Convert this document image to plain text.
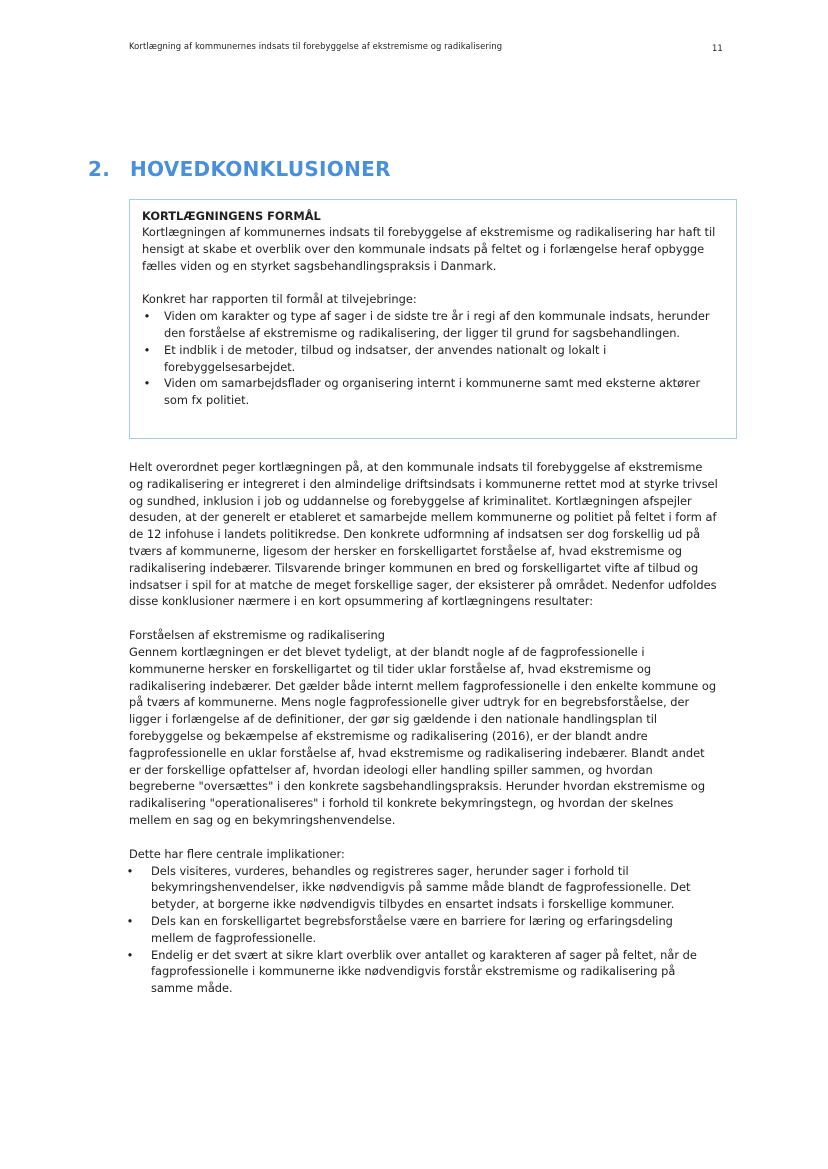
Kortlægning af kommunernes indsats til forebyggelse af ekstremisme og radikalisering	11
2. HOVEDKONKLUSIONER

KORTLÆGNINGENS FORMÅL

Kortlægningen af kommunernes indsats til forebyggelse af ekstremisme og radikalisering har haft til hensigt at skabe et overblik over den kommunale indsats på feltet og i forlængelse heraf opbygge fælles viden og en styrket sagsbehandlingspraksis i Danmark.

Konkret har rapporten til formål at tilvejebringe:

• Viden om karakter og type af sager i de sidste tre år i regi af den kommunale indsats, herunder den forståelse af ekstremisme og radikalisering, der ligger til grund for sagsbehandlingen.
• Et indblik i de metoder, tilbud og indsatser, der anvendes nationalt og lokalt i forebyggelsesarbejdet.
• Viden om samarbejdsflader og organisering internt i kommunerne samt med eksterne aktører som fx politiet.

Helt overordnet peger kortlægningen på, at den kommunale indsats til forebyggelse af ekstremisme og radikalisering er integreret i den almindelige driftsindsats i kommunerne rettet mod at styrke trivsel og sundhed, inklusion i job og uddannelse og forebyggelse af kriminalitet. Kortlægningen afspejler desuden, at der generelt er etableret et samarbejde mellem kommunerne og politiet på feltet i form af de 12 infohuse i landets politikredse. Den konkrete udformning af indsatsen ser dog forskellig ud på tværs af kommunerne, ligesom der hersker en forskelligartet forståelse af, hvad ekstremisme og radikalisering indebærer. Tilsvarende bringer kommunen en bred og forskelligartet vifte af tilbud og indsatser i spil for at matche de meget forskellige sager, der eksisterer på området. Nedenfor udfoldes disse konklusioner nærmere i en kort opsummering af kortlægningens resultater:

Forståelsen af ekstremisme og radikalisering

Gennem kortlægningen er det blevet tydeligt, at der blandt nogle af de fagprofessionelle i kommunerne hersker en forskelligartet og til tider uklar forståelse af, hvad ekstremisme og radikalisering indebærer. Det gælder både internt mellem fagprofessionelle i den enkelte kommune og på tværs af kommunerne. Mens nogle fagprofessionelle giver udtryk for en begrebsforståelse, der ligger i forlængelse af de definitioner, der gør sig gældende i den nationale handlingsplan til forebyggelse og bekæmpelse af ekstremisme og radikalisering (2016), er der blandt andre fagprofessionelle en uklar forståelse af, hvad ekstremisme og radikalisering indebærer. Blandt andet er der forskellige opfattelser af, hvordan ideologi eller handling spiller sammen, og hvordan begreberne "oversættes" i den konkrete sagsbehandlingspraksis. Herunder hvordan ekstremisme og radikalisering "operationaliseres" i forhold til konkrete bekymringstegn, og hvordan der skelnes mellem en sag og en bekymringshenvendelse.

Dette har flere centrale implikationer:

• Dels visiteres, vurderes, behandles og registreres sager, herunder sager i forhold til bekymringshenvendelser, ikke nødvendigvis på samme måde blandt de fagprofessionelle. Det betyder, at borgerne ikke nødvendigvis tilbydes en ensartet indsats i forskellige kommuner.
• Dels kan en forskelligartet begrebsforståelse være en barriere for læring og erfaringsdeling mellem de fagprofessionelle.
• Endelig er det svært at sikre klart overblik over antallet og karakteren af sager på feltet, når de fagprofessionelle i kommunerne ikke nødvendigvis forstår ekstremisme og radikalisering på samme måde.
